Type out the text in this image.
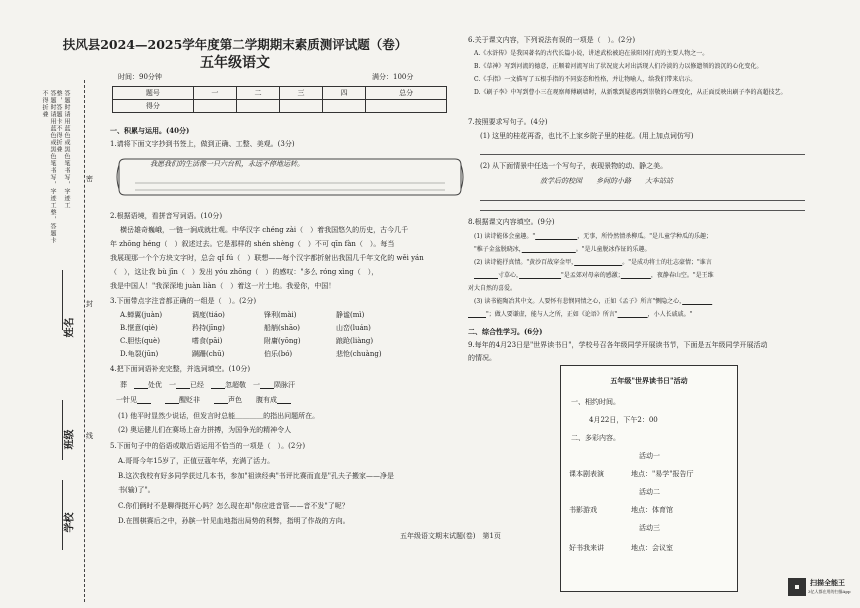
答题时请用蓝色或黑色笔书写，字迹工整，答题卡不得折叠	答题时请用蓝色或黑色笔书写，字迹工整，答题卡不得折叠
姓名
班级
学校
密
封
线
扶风县2024—2025学年度第二学期期末素质测评试题（卷）
五年级语文
时间：90分钟	满分：100分
题号	一	二	三	四	总分
得分					
一、积累与运用。(40分)
1.请将下面文字抄到书签上，做到正确、工整、美观。(3分)
我愿我们的生活像一只六台机，永远不停地运转。
2.根据语境，看拼音写词语。(10分)
横岳雄奇巍峨，一链一涧成就壮观。中华汉字 chéng zài（　）着我国悠久的历史，古今几千
年 zhōng héng（　）叙述过去。它是那样的 shén shèng（　）不可 qīn fàn（　）。每当
我展现那一个个方块文字时，总会 qǐ fú（　）联想——每个汉字都折射出我国几千年文化的 wěi yán
（　），这让我 bù jīn（　）发出 yóu zhōng（　）的感叹："多么 róng xìng（　），
我是中国人！"我深深地 juàn liàn（　）着这一片土地。我爱你，中国！
3.下面带点字注音都正确的一组是（　）。(2分)
A.蝉翼(juàn)	调度(tiáo)	锋利(mài)	静谧(mì)
B.惬意(qiè)	矜持(jīng)	船艄(shāo)	山峦(luán)
C.胆怯(què)	嗜食(pāi)	附庸(yōng)	踉跄(liàng)
D.龟裂(jūn)	蹒跚(chū)	伯乐(bó)	悲怆(chuàng)
4.把下面词语补充完整，并选词填空。(10分)
葬　　　	处优　 一　　 已经　　　	忽超敬　 一　　 陨脉汗
一针见　　　　　　	醒贬非　　　　	声色　　 腹有成　　
(1) 他平时显然少说话，但发言时总能＿＿＿＿的指出问题所在。
(2) 奥运健儿们在赛场上奋力拼搏，为国争光的精神令人
5.下面句子中的俗语或歇后语运用不恰当的一项是（　）。(2分)
A.哥哥今年15岁了，正值豆蔻年华，充满了活力。
B.这次我校有好多同学获过几本书，参加"祖读经典"书评比赛而直是"孔夫子搬家——净是
书(输)了"。
C.你们俩时不是聊得挺开心吗？怎么现在却"你应进音管——音不发"了呢？
D.在围棋赛后之中，孙膑一针见血地指出局势的利弊，指明了作战的方向。
6.关于课文内容，下列说法有误的一项是（　）。(2分)
A.《水浒传》是我国著名的古代长篇小说，讲述武松被迫在景阳冈打虎的主要人物之一。
B.《草神》写到河流的德意，正顺着河流写出了状况庞大对出活现人们冷淡的力以修遗领的浪沉的心化变化。
C.《手指》一文描写了五根手指的不同姿态和性格，并让物喻人，给我们带来启示。
D.《刷子李》中写到曹小三在观察师傅刷墙时，从新歌到疑惑再到崇敬的心理变化，从正面反映出刷子李的高超技艺。
7.按照要求写句子。(4分)
(1) 这里的桂花再香，也比不上家乡院子里的桂花。(用上加点词仿写)
(2) 从下面情景中任选一个写句子，表现景物的动、静之美。
放学后的校园　　乡间的小路　　大车站站
8.根据课文内容填空。(9分)
(1) 读诗能体会童趣。"　　　　　　　	，无事，所怜然情杀柳瓜。"是儿童学种瓜的乐趣；
"稚子金盆脱晓冰，　　　　　　　　　	。"是儿童脱冰作钲的乐趣。
(2) 读诗能抒真情。"黄沙百战穿金甲，　　　　　　　　	。"是成功将士的壮志豪情；"谁言
　　　　寸草心，　　　　　　　	"是孟郊对母亲的感激；　　　　　	，夜静春山空。"是王维
对大自然的喜爱。
(3) 读书能陶冶其中文。人要怀有悲悯同情之心，正如《孟子》所言"恻隐之心，　　　　　
　　　"；做人要谦虚，能与人之所，正如《论语》所言"　　　　　	，小人长戚戚。"
二、综合性学习。(6分)
9.每年的4月23日是"世界读书日"，学校号召各年级同学开展读书节，下面是五年级同学开展活动
的情况。
五年级"世界读书日"活动
一、相约时间。
4月22日，下午2：00
二、多彩内容。
活动一
课本剧表演	地点："易学"报告厅
活动二
书影游戏	地点：体育馆
活动三
好书我来讲	地点：会议室
五年级语文期末试题(卷)　第1页
扫描全能王
3亿人都在用的扫描App
